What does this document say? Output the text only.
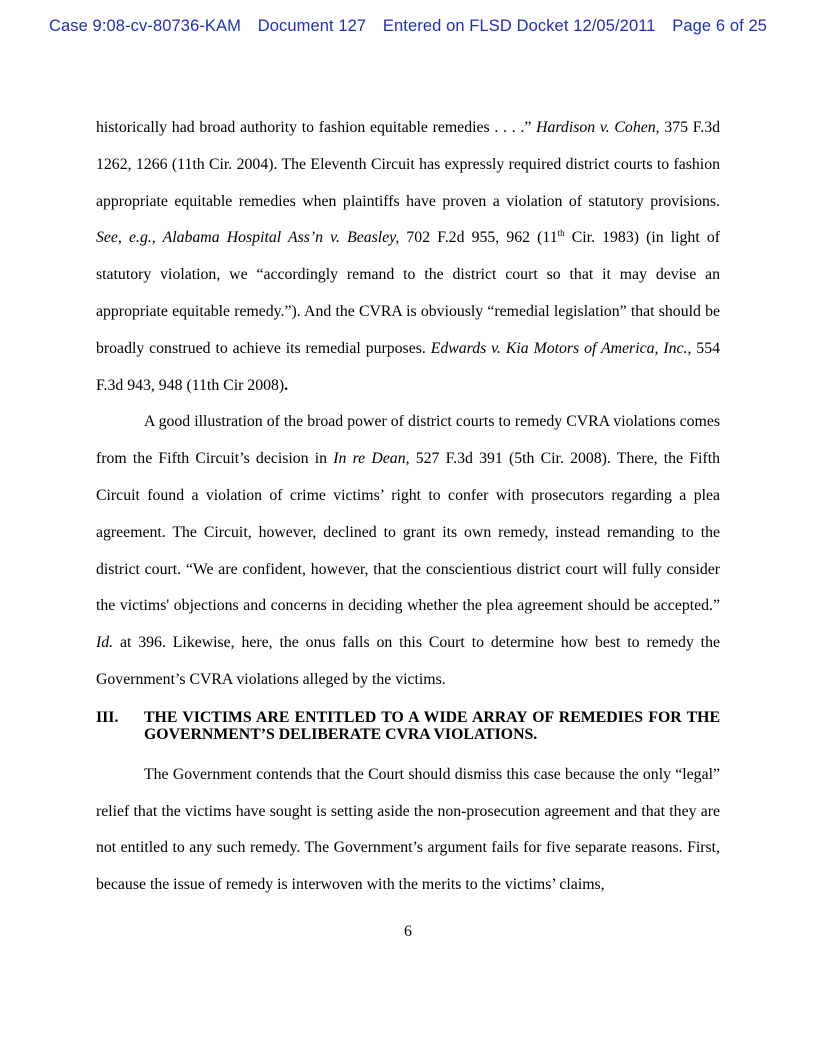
Case 9:08-cv-80736-KAM Document 127 Entered on FLSD Docket 12/05/2011 Page 6 of 25

historically had broad authority to fashion equitable remedies . . . .” Hardison v. Cohen, 375 F.3d 1262, 1266 (11th Cir. 2004). The Eleventh Circuit has expressly required district courts to fashion appropriate equitable remedies when plaintiffs have proven a violation of statutory provisions. See, e.g., Alabama Hospital Ass’n v. Beasley, 702 F.2d 955, 962 (11th Cir. 1983) (in light of statutory violation, we “accordingly remand to the district court so that it may devise an appropriate equitable remedy.”). And the CVRA is obviously “remedial legislation” that should be broadly construed to achieve its remedial purposes. Edwards v. Kia Motors of America, Inc., 554 F.3d 943, 948 (11th Cir 2008).

A good illustration of the broad power of district courts to remedy CVRA violations comes from the Fifth Circuit’s decision in In re Dean, 527 F.3d 391 (5th Cir. 2008). There, the Fifth Circuit found a violation of crime victims’ right to confer with prosecutors regarding a plea agreement. The Circuit, however, declined to grant its own remedy, instead remanding to the district court. “We are confident, however, that the conscientious district court will fully consider the victims' objections and concerns in deciding whether the plea agreement should be accepted.” Id. at 396. Likewise, here, the onus falls on this Court to determine how best to remedy the Government’s CVRA violations alleged by the victims.

III.	THE VICTIMS ARE ENTITLED TO A WIDE ARRAY OF REMEDIES FOR THE GOVERNMENT’S DELIBERATE CVRA VIOLATIONS.

The Government contends that the Court should dismiss this case because the only “legal” relief that the victims have sought is setting aside the non-prosecution agreement and that they are not entitled to any such remedy. The Government’s argument fails for five separate reasons. First, because the issue of remedy is interwoven with the merits to the victims’ claims,

6
